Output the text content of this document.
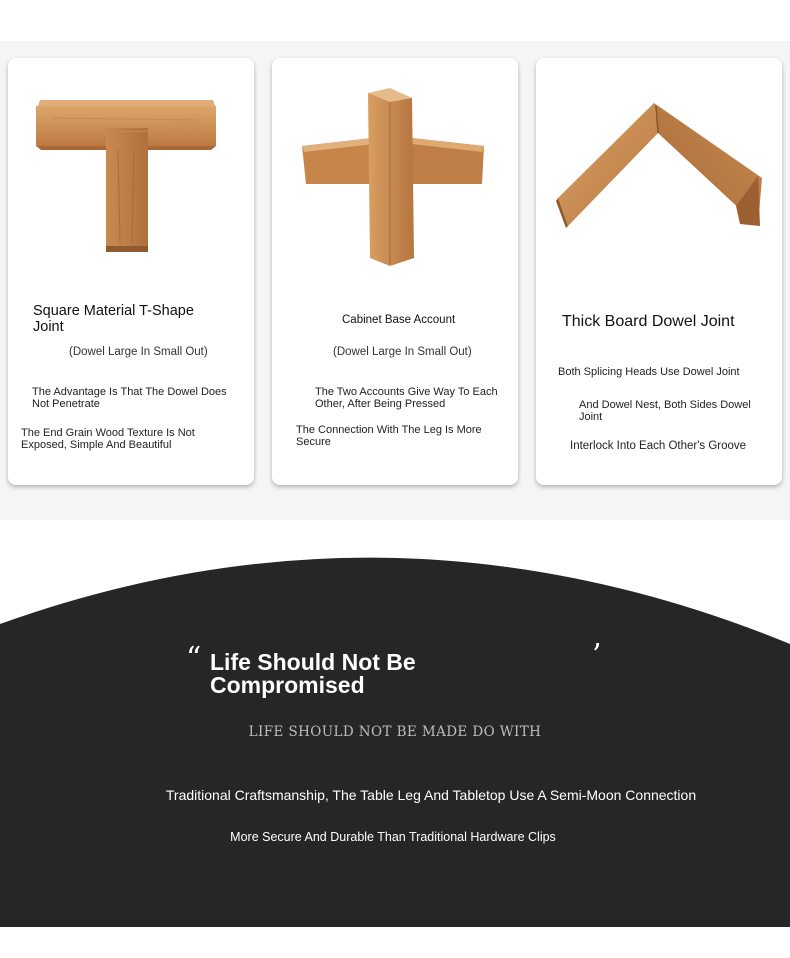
Square Material T-Shape Joint
(Dowel Large In Small Out)
The Advantage Is That The Dowel Does Not Penetrate
The End Grain Wood Texture Is Not Exposed, Simple And Beautiful
Cabinet Base Account
(Dowel Large In Small Out)
The Two Accounts Give Way To Each Other, After Being Pressed
The Connection With The Leg Is More Secure
Thick Board Dowel Joint
Both Splicing Heads Use Dowel Joint
And Dowel Nest, Both Sides Dowel Joint
Interlock Into Each Other's Groove
“ Life Should Not Be Compromised
’
LIFE SHOULD NOT BE MADE DO WITH
Traditional Craftsmanship, The Table Leg And Tabletop Use A Semi-Moon Connection
More Secure And Durable Than Traditional Hardware Clips
